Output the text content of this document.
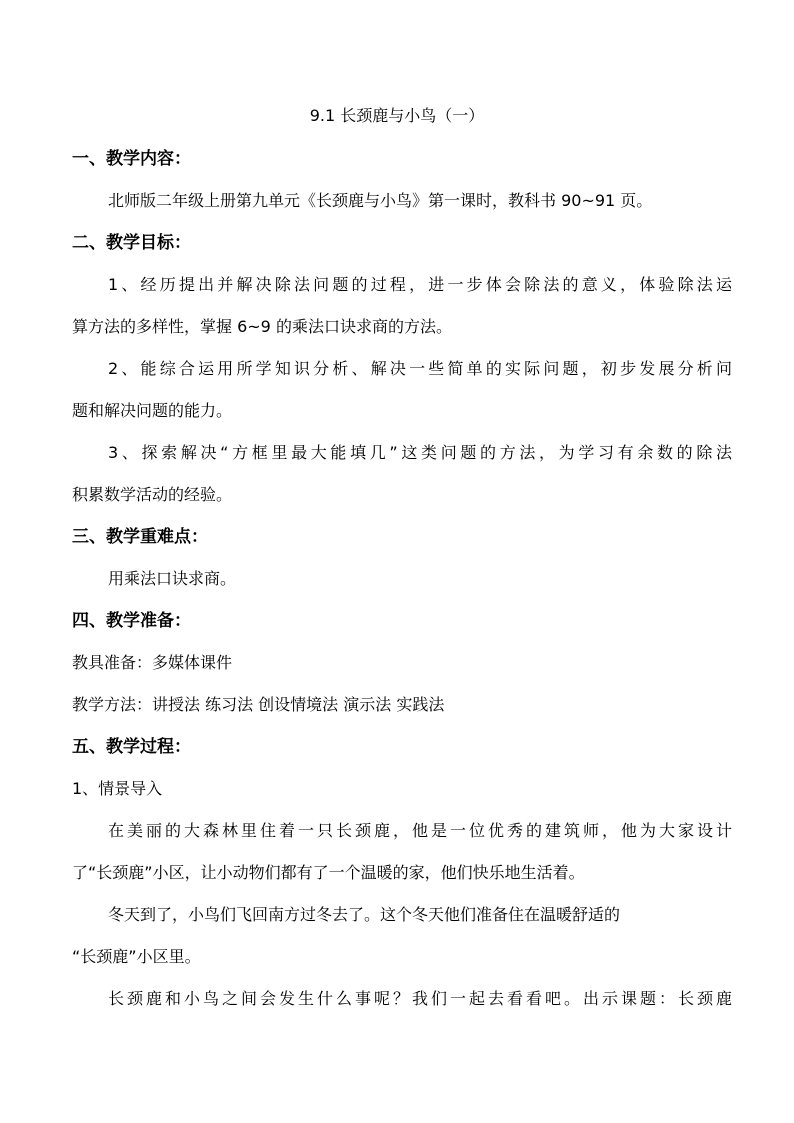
9.1 长颈鹿与小鸟（一）
一、教学内容：
北师版二年级上册第九单元《长颈鹿与小鸟》第一课时，教科书 90~91 页。
二、教学目标：
1、经历提出并解决除法问题的过程，进一步体会除法的意义，体验除法运
算方法的多样性，掌握 6~9 的乘法口诀求商的方法。
2、能综合运用所学知识分析、解决一些简单的实际问题，初步发展分析问
题和解决问题的能力。
3、探索解决“方框里最大能填几”这类问题的方法，为学习有余数的除法
积累数学活动的经验。
三、教学重难点：
用乘法口诀求商。
四、教学准备：
教具准备：多媒体课件
教学方法：讲授法 练习法 创设情境法 演示法 实践法
五、教学过程：
1、情景导入
在美丽的大森林里住着一只长颈鹿，他是一位优秀的建筑师，他为大家设计
了“长颈鹿”小区，让小动物们都有了一个温暖的家，他们快乐地生活着。
冬天到了，小鸟们飞回南方过冬去了。这个冬天他们准备住在温暖舒适的
“长颈鹿”小区里。
长颈鹿和小鸟之间会发生什么事呢？我们一起去看看吧。出示课题：长颈鹿
